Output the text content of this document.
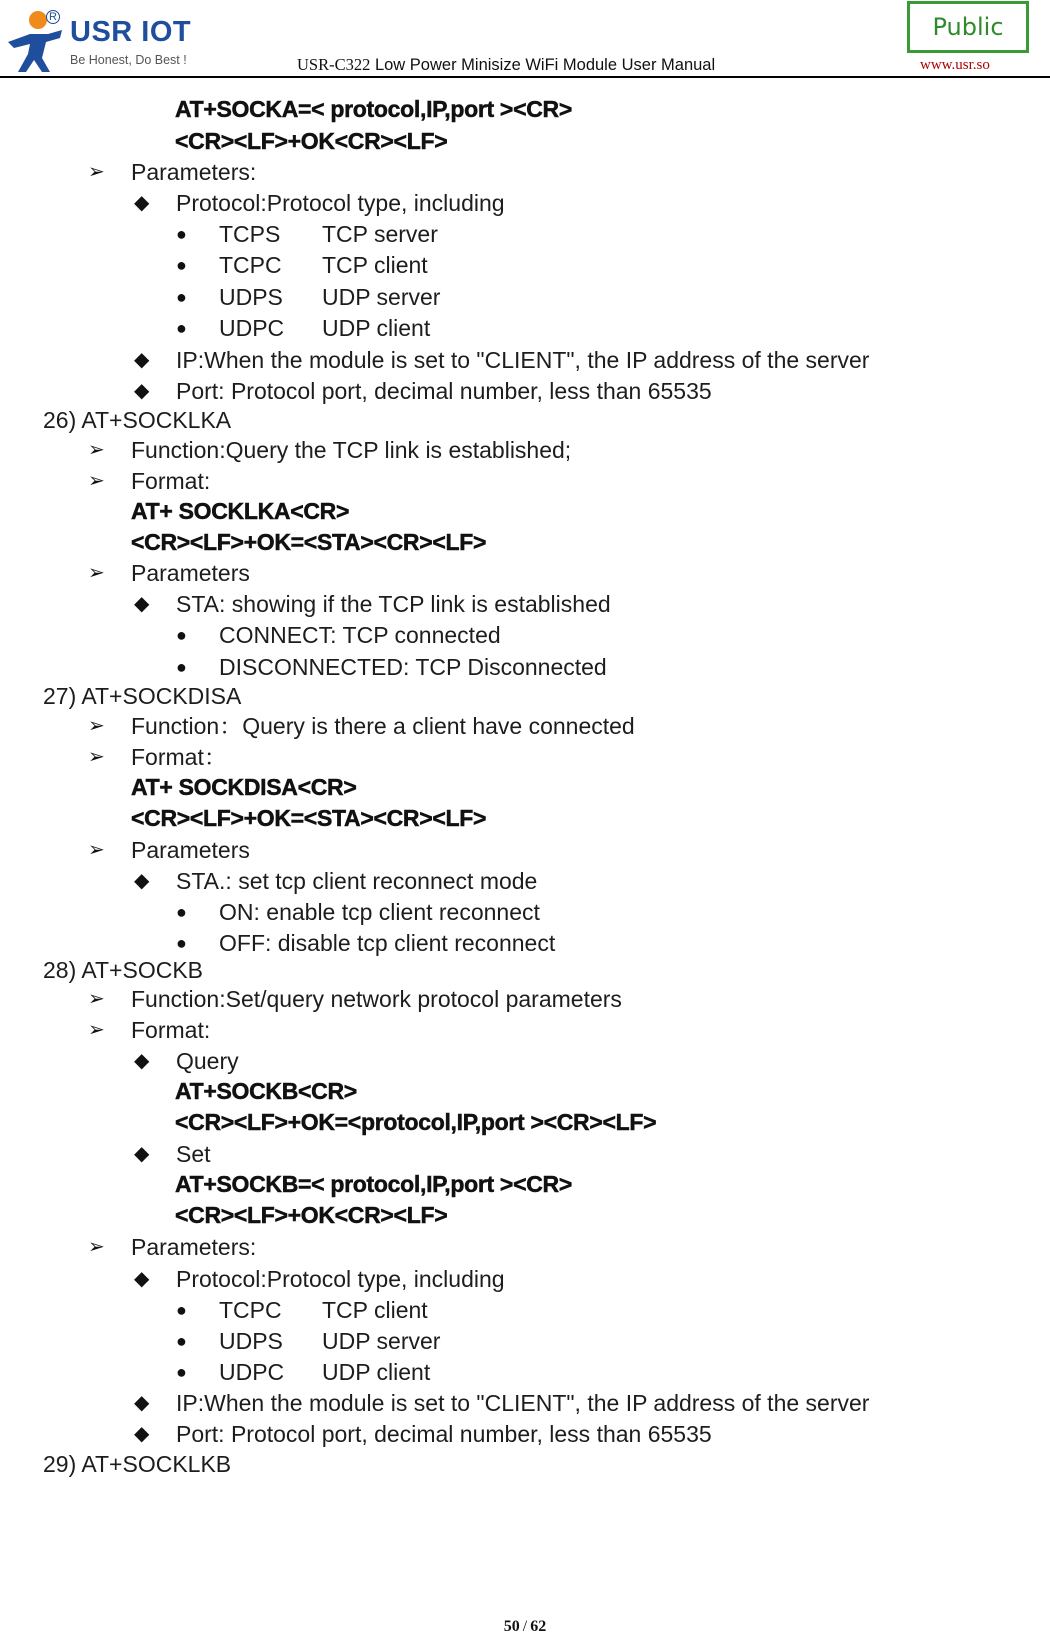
R USR IOT
Be Honest, Do Best !	USR-C322 Low Power Minisize WiFi Module User Manual
Public
www.usr.so
AT+SOCKA=< protocol,IP,port ><CR>
<CR><LF>+OK<CR><LF>
➢ Parameters:
◆ Protocol:Protocol type, including
● TCPS TCP server
● TCPC TCP client
● UDPS UDP server
● UDPC UDP client
◆ IP:When the module is set to "CLIENT", the IP address of the server
◆ Port: Protocol port, decimal number, less than 65535
26) AT+SOCKLKA
➢ Function:Query the TCP link is established;
➢ Format:
AT+ SOCKLKA<CR>
<CR><LF>+OK=<STA><CR><LF>
➢ Parameters
◆ STA: showing if the TCP link is established
● CONNECT: TCP connected
● DISCONNECTED: TCP Disconnected
27) AT+SOCKDISA
➢ Function：Query is there a client have connected
➢ Format：
AT+ SOCKDISA<CR>
<CR><LF>+OK=<STA><CR><LF>
➢ Parameters
◆ STA.: set tcp client reconnect mode
● ON: enable tcp client reconnect
● OFF: disable tcp client reconnect
28) AT+SOCKB
➢ Function:Set/query network protocol parameters
➢ Format:
◆ Query
AT+SOCKB<CR>
<CR><LF>+OK=<protocol,IP,port ><CR><LF>
◆ Set
AT+SOCKB=< protocol,IP,port ><CR>
<CR><LF>+OK<CR><LF>
➢ Parameters:
◆ Protocol:Protocol type, including
● TCPC TCP client
● UDPS UDP server
● UDPC UDP client
◆ IP:When the module is set to "CLIENT", the IP address of the server
◆ Port: Protocol port, decimal number, less than 65535
29) AT+SOCKLKB
50 / 62
